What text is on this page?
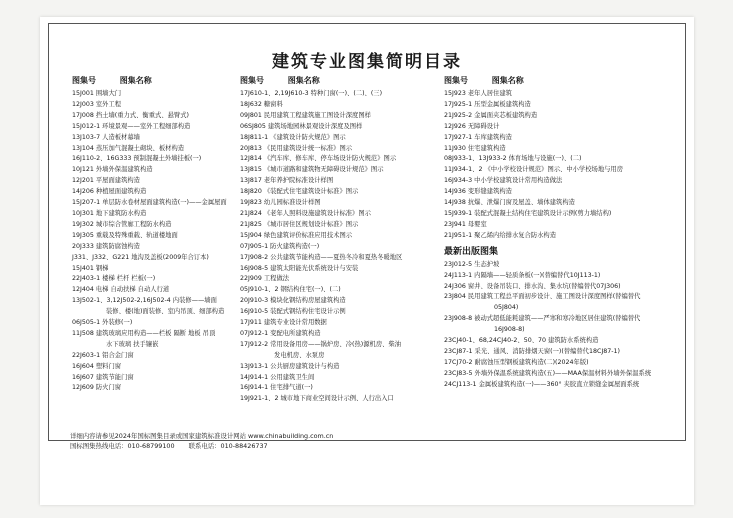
建筑专业图集简明目录
图集号	图集名称
15J001 围墙大门
12J003 室外工程
17J008 挡土墙(重力式、衡重式、悬臂式)
15J012-1 环境景观——室外工程细部构造
13J103-7 人造板材幕墙
13J104 蒸压加气混凝土砌块、板材构造
16J110-2、16G333 预制混凝土外墙挂板(一)
10J121 外墙外保温建筑构造
12J201 平屋面建筑构造
14J206 种植屋面建筑构造
15J207-1 单层防水卷材屋面建筑构造(一)——金属屋面
10J301 地下建筑防水构造
19J302 城市综合管廊工程防水构造
19J305 重载及特殊重载、轨道楼地面
20J333 建筑防腐蚀构造
J331、J332、G221 地沟及盖板(2009年合订本)
15J401 钢梯
22J403-1 楼梯 栏杆 栏板(一)
12J404 电梯 自动扶梯 自动人行道
13J502-1、3,12J502-2,16J502-4 内装修——墙面
装修、楼(地)面装修、室内吊顶、细部构造
06J505-1 外装修(一)
11J508 建筑玻璃应用构造——栏板 隔断 地板 吊顶
水下玻璃 扶手镶嵌
22J603-1 铝合金门窗
16J604 塑料门窗
16J607 建筑节能门窗
12J609 防火门窗
图集号	图集名称
17J610-1、2,19J610-3 特种门窗(一)、(二)、(三)
18J632 糖窗料
09J801 民用建筑工程建筑施工图设计深度图样
06SJ805 建筑场地园林景观设计深度及图样
18J811-1 《建筑设计防火规范》图示
20J813 《民用建筑设计统一标准》图示
12J814 《汽车库、修车库、停车场设计防火规范》图示
13J815 《城市道路和建筑物无障碍设计规范》图示
13J817 老年养护院标准设计样图
18J820 《装配式住宅建筑设计标准》图示
19J823 幼儿园标准设计样图
21J824 《老年人照料设施建筑设计标准》图示
21J825 《城市居住区规划设计标准》图示
15J904 绿色建筑评价标准应用技术图示
07J905-1 防火建筑构造(一)
17J908-2 公共建筑节能构造——夏热冬冷和夏热冬暖地区
16J908-5 建筑太阳能光伏系统设计与安装
22J909 工程做法
05J910-1、2 钢结构住宅(一)、(二)
20J910-3 模块化钢结构房屋建筑构造
16J910-5 装配式钢结构住宅设计示例
17J911 建筑专业设计常用数据
07J912-1 变配电所建筑构造
17J912-2 常用设备用房——锅炉房、冷(热)源机房、柴油
发电机房、水泵房
13J913-1 公共厨房建筑设计与构造
14J914-1 公用建筑卫生间
16J914-1 住宅排气道(一)
19J921-1、2 城市地下商业空间设计示例、人行出入口
图集号	图集名称
15J923 老年人居住建筑
17J925-1 压型金属板建筑构造
21J925-2 金属面夹芯板建筑构造
12J926 无障碍设计
17J927-1 车库建筑构造
11J930 住宅建筑构造
08J933-1、13J933-2 体育场地与设施(一)、(二)
11J934-1、2 《中小学校设计规范》图示、中小学校场地与用房
16J934-3 中小学校建筑设计常用构造做法
14J936 变形缝建筑构造
14J938 抗爆、泄爆门窗及屋盖、墙体建筑构造
15J939-1 装配式混凝土结构住宅建筑设计示例(剪力墙结构)
23J941 母婴室
21J951-1 聚乙烯内给排水复合防水构造
最新出版图集
23J012-5 生态护坡
24J113-1 内隔墙——轻质条板(一)(替编替代10J113-1)
24J306 窗井、设备吊装口、排水沟、集水坑(替编替代07J306)
23J804 民用建筑工程总平面初步设计、施工图设计深度图样(替编替代
05J804)
23J908-8 被动式超低能耗建筑——严寒和寒冷地区居住建筑(替编替代
16J908-8)
23CJ40-1、68,24CJ40-2、50、70 建筑防水系统构造
23CJ87-1 采光、通风、消防排烟天窗(一)(替编替代18CJ87-1)
17CJ70-2 耐腐蚀压型钢板建筑构造(二)(2024年版)
23CJ83-5 外墙外保温系统建筑构造(五)——MAA保温材料外墙外保温系统
24CJ113-1 金属板建筑构造(一)——360° 夹胶直立锁缝金属屋面系统
详细内容请参见2024年国标图集目录或国家建筑标准设计网站 www.chinabuilding.com.cn
国标图集热线电话：010-68799100 联系电话：010-88426737
